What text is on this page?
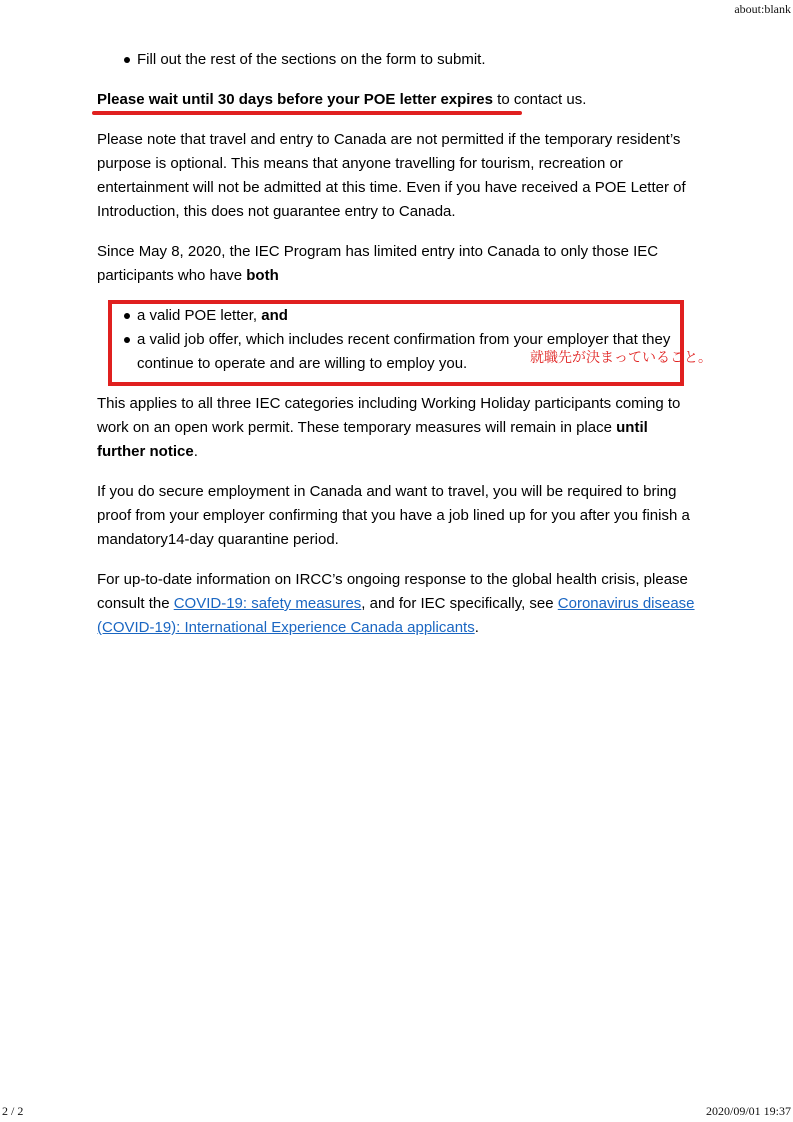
about:blank
Fill out the rest of the sections on the form to submit.

Please wait until 30 days before your POE letter expires to contact us.

Please note that travel and entry to Canada are not permitted if the temporary resident’s purpose is optional. This means that anyone travelling for tourism, recreation or entertainment will not be admitted at this time. Even if you have received a POE Letter of Introduction, this does not guarantee entry to Canada.

Since May 8, 2020, the IEC Program has limited entry into Canada to only those IEC participants who have both

a valid POE letter, and
a valid job offer, which includes recent confirmation from your employer that they continue to operate and are willing to employ you.

This applies to all three IEC categories including Working Holiday participants coming to work on an open work permit. These temporary measures will remain in place until further notice.

If you do secure employment in Canada and want to travel, you will be required to bring proof from your employer confirming that you have a job lined up for you after you finish a mandatory14-day quarantine period.

For up-to-date information on IRCC’s ongoing response to the global health crisis, please consult the COVID-19: safety measures, and for IEC specifically, see Coronavirus disease (COVID-19): International Experience Canada applicants.

就職先が決まっていること。
2 / 2	2020/09/01 19:37
